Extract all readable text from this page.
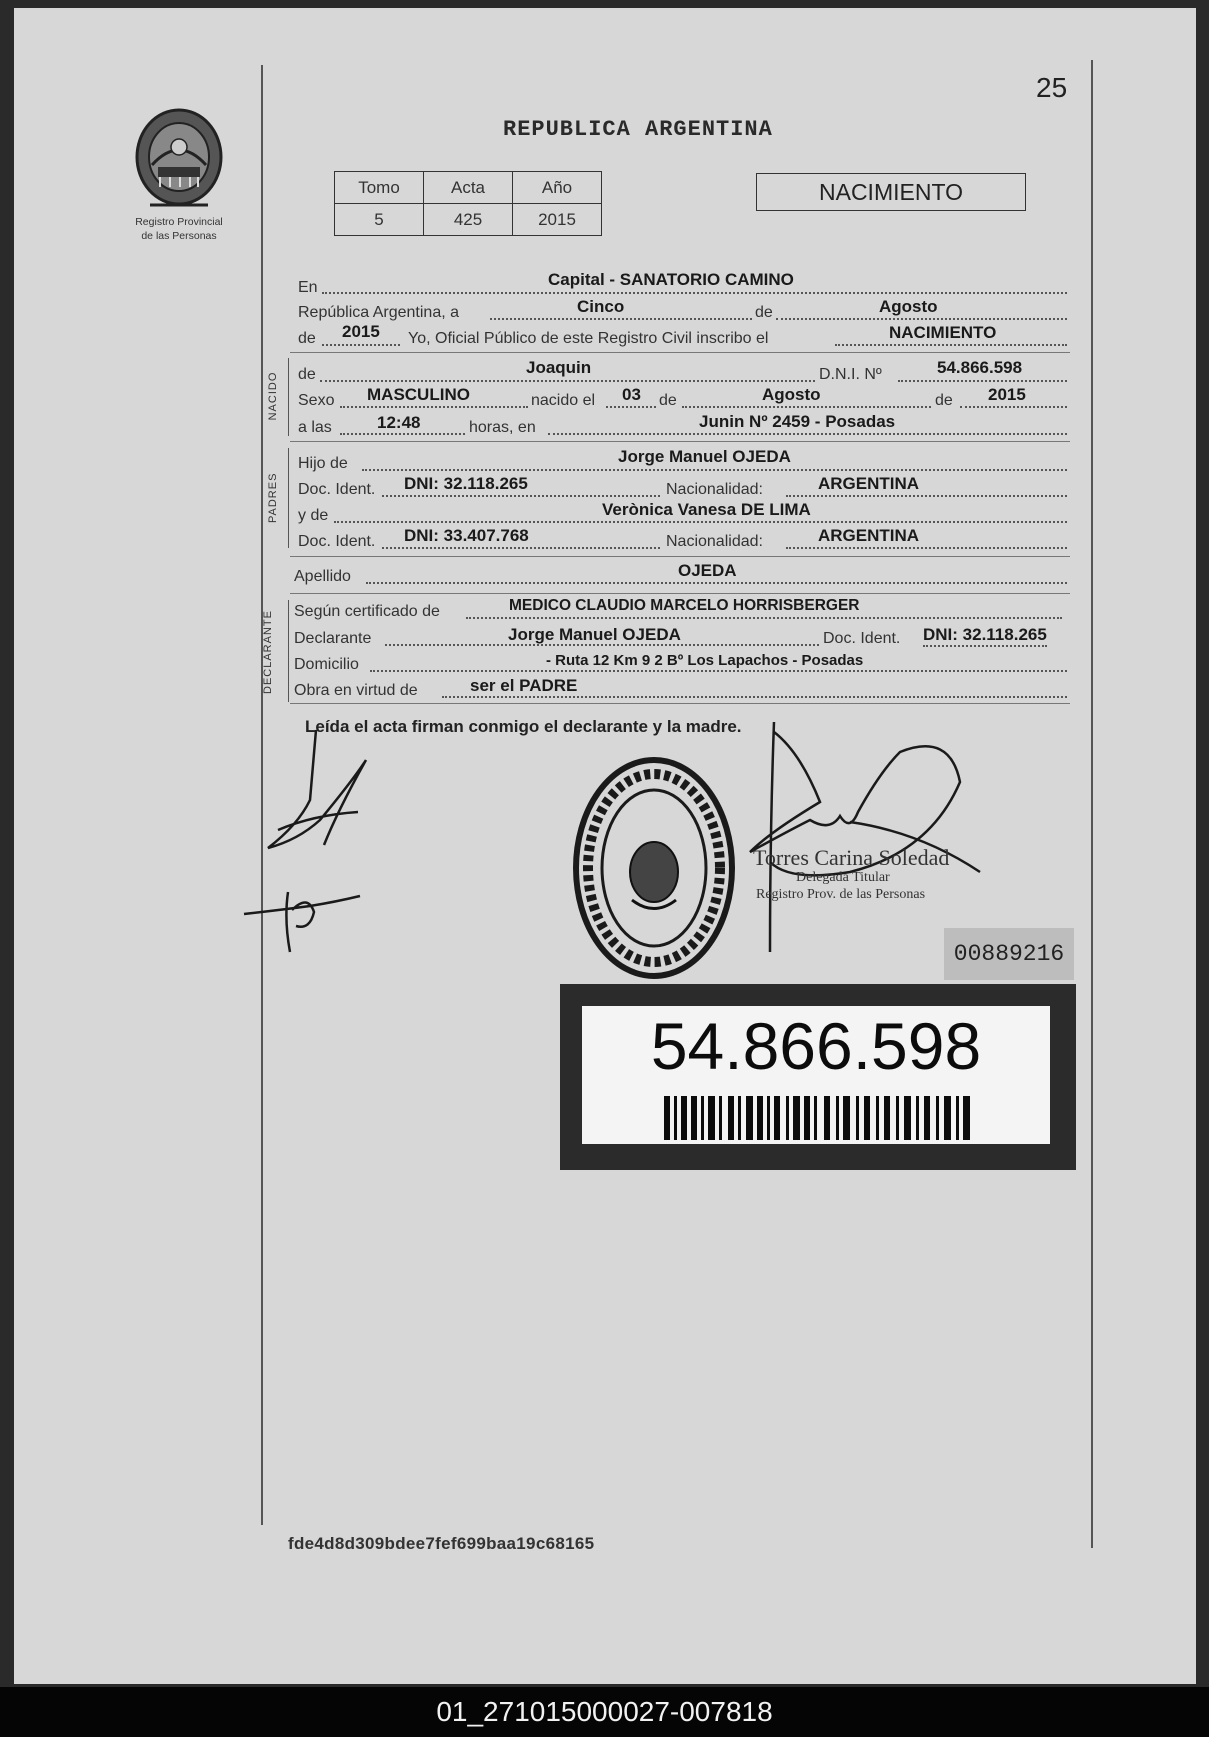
25
Registro Provincial
de las Personas
REPUBLICA ARGENTINA
Tomo	Acta	Año
5	425	2015
NACIMIENTO
En	Capital - SANATORIO CAMINO
República Argentina, a	Cinco	de	Agosto
de 2015 Yo, Oficial Público de este Registro Civil inscribo el	NACIMIENTO
NACIDO de	Joaquin	D.N.I. Nº	54.866.598
Sexo MASCULINO	nacido el 03 de	Agosto	de 2015
a las	12:48	horas, en	Junin Nº 2459 - Posadas
PADRES
Hijo de	Jorge Manuel OJEDA
Doc. Ident. DNI: 32.118.265	Nacionalidad:	ARGENTINA
y de	Verònica Vanesa DE LIMA
Doc. Ident. DNI: 33.407.768	Nacionalidad:	ARGENTINA
Apellido	OJEDA
DECLARANTE Según certificado de	MEDICO CLAUDIO MARCELO HORRISBERGER
Declarante	Jorge Manuel OJEDA	Doc. Ident. DNI: 32.118.265
Domicilio	- Ruta 12 Km 9 2 Bº Los Lapachos - Posadas
Obra en virtud de	ser el PADRE
Leída el acta firman conmigo el declarante y la madre.
Torres Carina Soledad
Delegada Titular
Registro Prov. de las Personas
00889216
54.866.598
fde4d8d309bdee7fef699baa19c68165
01_271015000027-007818
